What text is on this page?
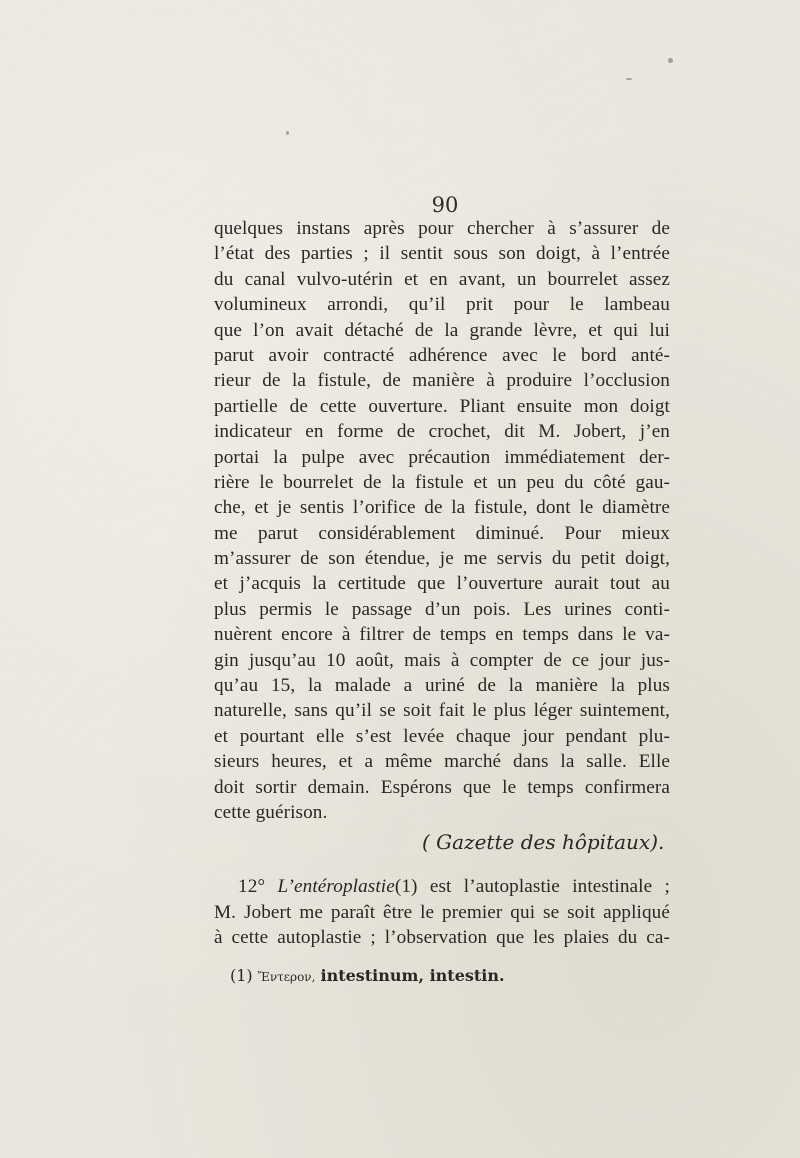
90
quelques instans après pour chercher à s’assurer de
l’état des parties ; il sentit sous son doigt, à l’entrée
du canal vulvo-utérin et en avant, un bourrelet assez
volumineux arrondi, qu’il prit pour le lambeau
que l’on avait détaché de la grande lèvre, et qui lui
parut avoir contracté adhérence avec le bord anté-
rieur de la fistule, de manière à produire l’occlusion
partielle de cette ouverture. Pliant ensuite mon doigt
indicateur en forme de crochet, dit M. Jobert, j’en
portai la pulpe avec précaution immédiatement der-
rière le bourrelet de la fistule et un peu du côté gau-
che, et je sentis l’orifice de la fistule, dont le diamètre
me parut considérablement diminué. Pour mieux
m’assurer de son étendue, je me servis du petit doigt,
et j’acquis la certitude que l’ouverture aurait tout au
plus permis le passage d’un pois. Les urines conti-
nuèrent encore à filtrer de temps en temps dans le va-
gin jusqu’au 10 août, mais à compter de ce jour jus-
qu’au 15, la malade a uriné de la manière la plus
naturelle, sans qu’il se soit fait le plus léger suintement,
et pourtant elle s’est levée chaque jour pendant plu-
sieurs heures, et a même marché dans la salle. Elle
doit sortir demain. Espérons que le temps confirmera
cette guérison.
( Gazette des hôpitaux).
12° L’entéroplastie(1) est l’autoplastie intestinale ;
M. Jobert me paraît être le premier qui se soit appliqué
à cette autoplastie ; l’observation que les plaies du ca-
(1) Ἔντερον, intestinum, intestin.
